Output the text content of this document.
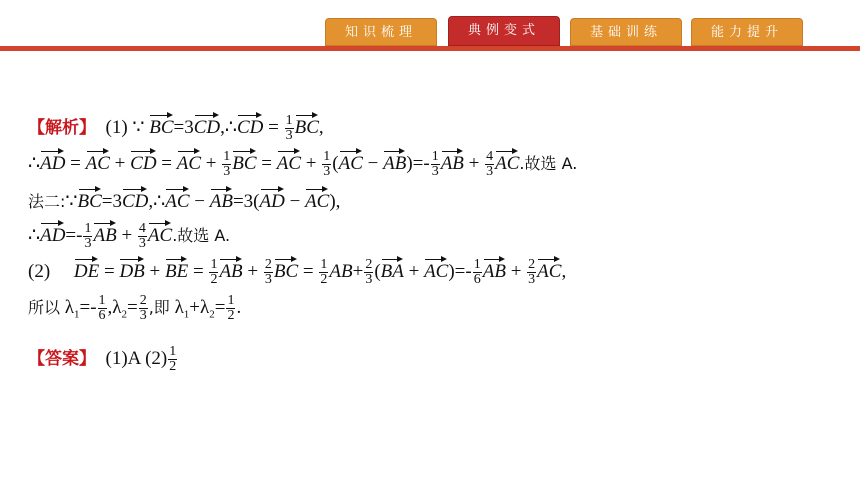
知识梳理	典例变式	基础训练	能力提升
【解析】 (1) ∵ BC=3CD,∴CD = $\frac{1}{3}$ BC,
∴AD = AC + CD = AC + $\frac{1}{3}$ BC = AC + $\frac{1}{3} (AC - AB)=- \frac{1}{3}$ AB + $\frac{4}{3}$ AC.故选 A.
法二:∵BC=3CD,∴AC − AB=3(AD − AC),
∴AD=- $\frac{1}{3}$ AB + $\frac{4}{3}$ AC.故选 A.
(2) DE = DB + BE = $\frac{1}{2}$ AB + $\frac{2}{3}$ BC = $\frac{1}{2} AB+ \frac{2}{3} (BA + AC)=- \frac{1}{6}$ AB + $\frac{2}{3}$ AC,
所以 $\lambda_1=- \frac{1}{6} ,\lambda_2= \frac{2}{3}$ ,即 $\lambda_1+\lambda_2= \frac{1}{2}$ .
【答案】 (1)A $(2) \frac{1}{2}$
